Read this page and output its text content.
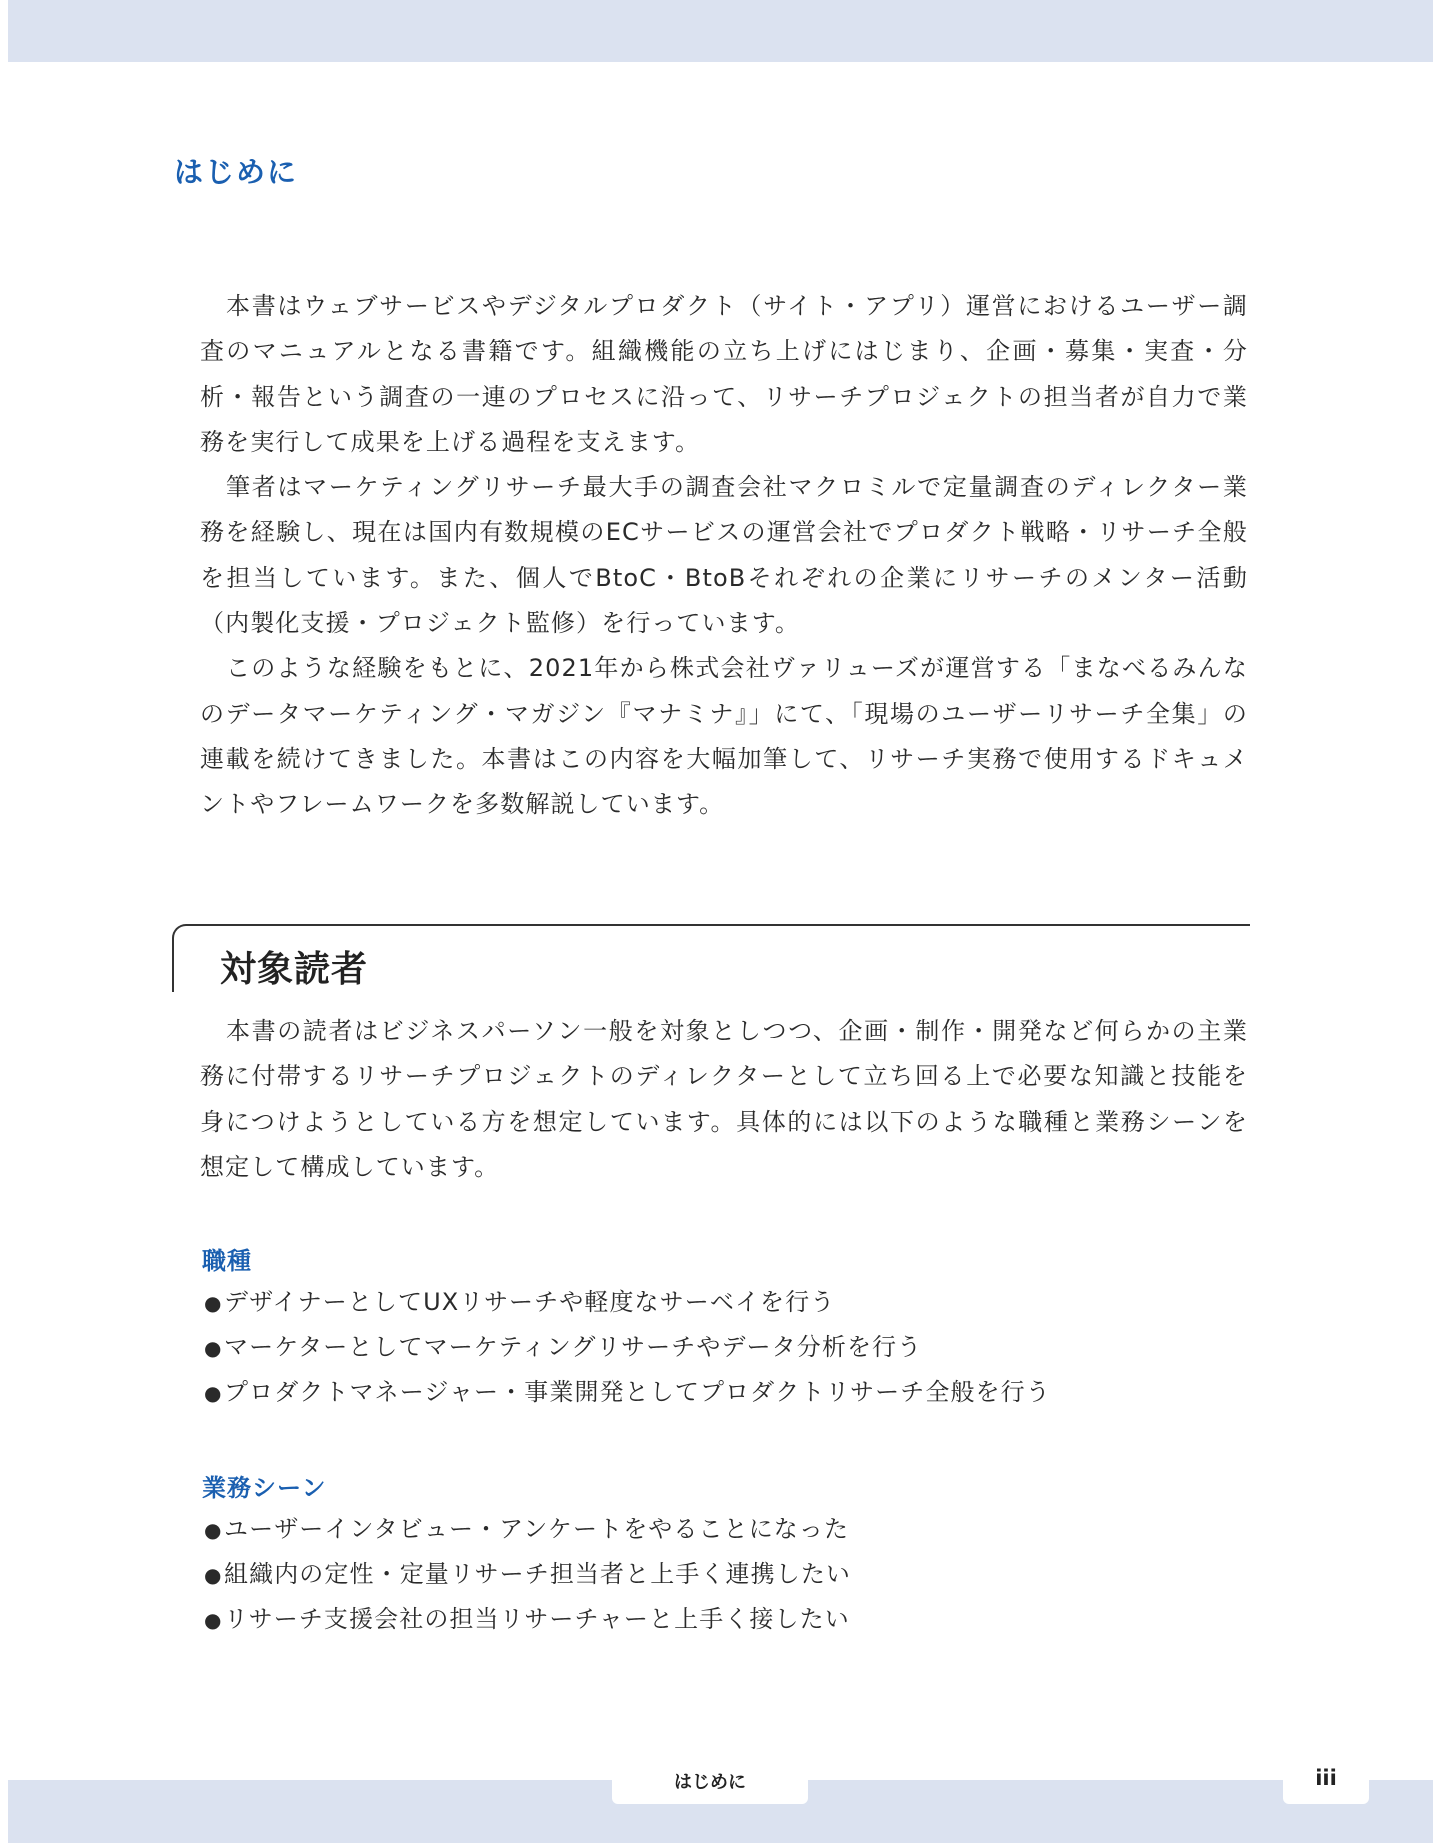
はじめに

本書はウェブサービスやデジタルプロダクト（サイト・アプリ）運営におけるユーザー調査のマニュアルとなる書籍です。組織機能の立ち上げにはじまり、企画・募集・実査・分析・報告という調査の一連のプロセスに沿って、リサーチプロジェクトの担当者が自力で業務を実行して成果を上げる過程を支えます。

筆者はマーケティングリサーチ最大手の調査会社マクロミルで定量調査のディレクター業務を経験し、現在は国内有数規模のECサービスの運営会社でプロダクト戦略・リサーチ全般を担当しています。また、個人でBtoC・BtoBそれぞれの企業にリサーチのメンター活動（内製化支援・プロジェクト監修）を行っています。

このような経験をもとに、2021年から株式会社ヴァリューズが運営する「まなべるみんなのデータマーケティング・マガジン『マナミナ』」にて、「現場のユーザーリサーチ全集」の連載を続けてきました。本書はこの内容を大幅加筆して、リサーチ実務で使用するドキュメントやフレームワークを多数解説しています。

対象読者

本書の読者はビジネスパーソン一般を対象としつつ、企画・制作・開発など何らかの主業務に付帯するリサーチプロジェクトのディレクターとして立ち回る上で必要な知識と技能を身につけようとしている方を想定しています。具体的には以下のような職種と業務シーンを想定して構成しています。

職種
●デザイナーとしてUXリサーチや軽度なサーベイを行う
●マーケターとしてマーケティングリサーチやデータ分析を行う
●プロダクトマネージャー・事業開発としてプロダクトリサーチ全般を行う
業務シーン
●ユーザーインタビュー・アンケートをやることになった
●組織内の定性・定量リサーチ担当者と上手く連携したい
●リサーチ支援会社の担当リサーチャーと上手く接したい
はじめに	iii
